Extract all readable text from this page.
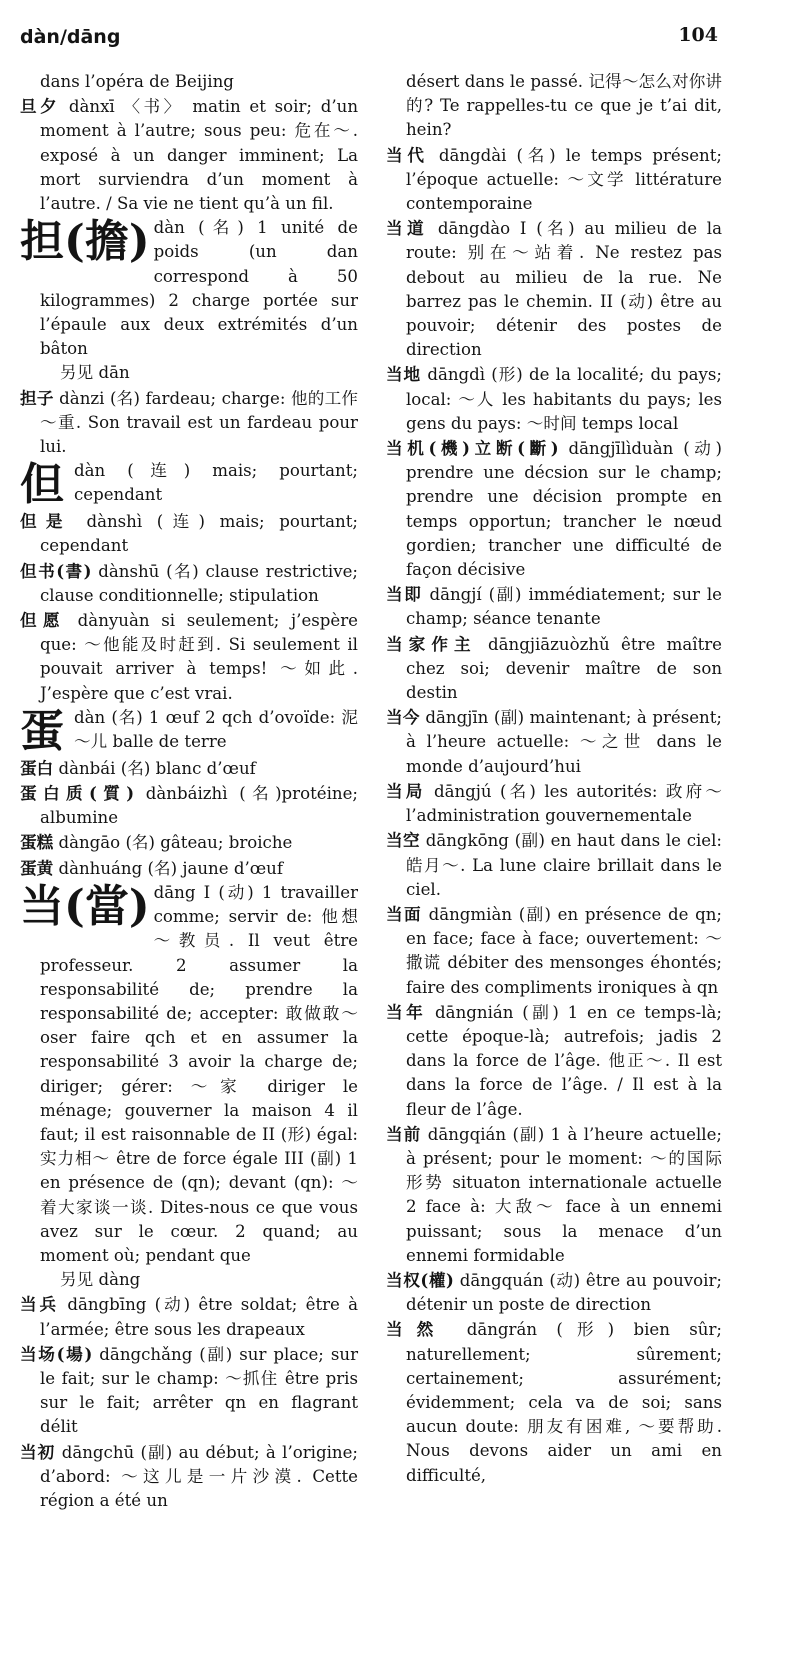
dàn/dāng	104

dans l’opéra de Beijing

旦夕 dànxī 〈书〉 matin et soir; d’un moment à l’autre; sous peu: 危在～. exposé à un danger imminent; La mort surviendra d’un moment à l’autre. / Sa vie ne tient qu’à un fil.

担(擔) dàn (名) 1 unité de poids (un dan correspond à 50 kilogrammes) 2 charge portée sur l’épaule aux deux extrémités d’un bâton

另见 dān

担子 dànzi (名) fardeau; charge: 他的工作～重. Son travail est un fardeau pour lui.

但dàn (连) mais; pourtant; cependant

但是 dànshì (连) mais; pourtant; cependant

但书(書) dànshū (名) clause restrictive; clause conditionnelle; stipulation

但愿 dànyuàn si seulement; j’espère que: ～他能及时赶到. Si seulement il pouvait arriver à temps! ～如此. J’espère que c’est vrai.

蛋dàn (名) 1 œuf 2 qch d’ovoïde: 泥～儿 balle de terre

蛋白 dànbái (名) blanc d’œuf

蛋白质(質) dànbáizhì (名)protéine; albumine

蛋糕 dàngāo (名) gâteau; broiche

蛋黄 dànhuáng (名) jaune d’œuf

当(當) dāng I (动) 1 travailler comme; servir de: 他想～教员. Il veut être professeur. 2 assumer la responsabilité de; prendre la responsabilité de; accepter: 敢做敢～ oser faire qch et en assumer la responsabilité 3 avoir la charge de; diriger; gérer: ～家 diriger le ménage; gouverner la maison 4 il faut; il est raisonnable de II (形) égal: 实力相～ être de force égale III (副) 1 en présence de (qn); devant (qn): ～着大家谈一谈. Dites-nous ce que vous avez sur le cœur. 2 quand; au moment où; pendant que

另见 dàng

当兵 dāngbīng (动) être soldat; être à l’armée; être sous les drapeaux

当场(場) dāngchǎng (副) sur place; sur le fait; sur le champ: ～抓住 être pris sur le fait; arrêter qn en flagrant délit

当初 dāngchū (副) au début; à l’origine; d’abord: ～这儿是一片沙漠. Cette région a été un

désert dans le passé. 记得～怎么对你讲的? Te rappelles-tu ce que je t’ai dit, hein?

当代 dāngdài (名) le temps présent; l’époque actuelle: ～文学 littérature contemporaine

当道 dāngdào I (名) au milieu de la route: 别在～站着. Ne restez pas debout au milieu de la rue. Ne barrez pas le chemin. II (动) être au pouvoir; détenir des postes de direction

当地 dāngdì (形) de la localité; du pays; local: ～人 les habitants du pays; les gens du pays: ～时间 temps local

当机(機)立断(斷) dāngjīlìduàn (动) prendre une décsion sur le champ; prendre une décision prompte en temps opportun; trancher le nœud gordien; trancher une difficulté de façon décisive

当即 dāngjí (副) immédiatement; sur le champ; séance tenante

当家作主 dāngjiāzuòzhǔ être maître chez soi; devenir maître de son destin

当今 dāngjīn (副) maintenant; à présent; à l’heure actuelle: ～之世 dans le monde d’aujourd’hui

当局 dāngjú (名) les autorités: 政府～ l’administration gouvernementale

当空 dāngkōng (副) en haut dans le ciel: 皓月～. La lune claire brillait dans le ciel.

当面 dāngmiàn (副) en présence de qn; en face; face à face; ouvertement: ～撒谎 débiter des mensonges éhontés; faire des compliments ironiques à qn

当年 dāngnián (副) 1 en ce temps-là; cette époque-là; autrefois; jadis 2 dans la force de l’âge. 他正～. Il est dans la force de l’âge. / Il est à la fleur de l’âge.

当前 dāngqián (副) 1 à l’heure actuelle; à présent; pour le moment: ～的国际形势 situaton internationale actuelle 2 face à: 大敌～ face à un ennemi puissant; sous la menace d’un ennemi formidable

当权(權) dāngquán (动) être au pouvoir; détenir un poste de direction

当然 dāngrán (形) bien sûr; naturellement; sûrement; certainement; assurément; évidemment; cela va de soi; sans aucun doute: 朋友有困难, ～要帮助. Nous devons aider un ami en difficulté,
